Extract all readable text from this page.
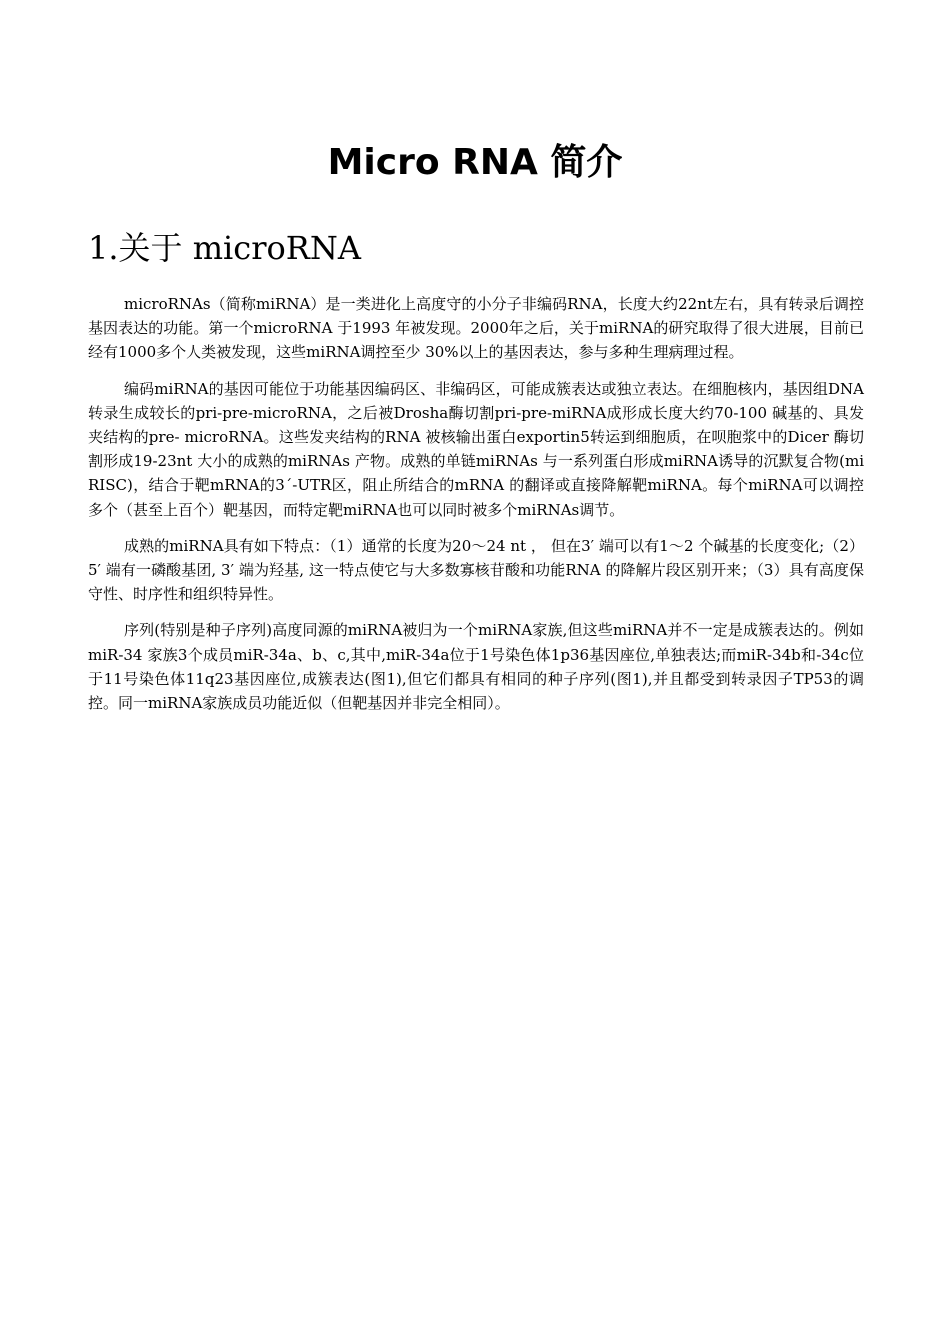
Micro RNA 简介
1.关于 microRNA

microRNAs（简称miRNA）是一类进化上高度守的小分子非编码RNA，长度大约22nt左右，具有转录后调控基因表达的功能。第一个microRNA 于1993 年被发现。2000年之后，关于miRNA的研究取得了很大进展，目前已经有1000多个人类被发现，这些miRNA调控至少 30%以上的基因表达，参与多种生理病理过程。

编码miRNA的基因可能位于功能基因编码区、非编码区，可能成簇表达或独立表达。在细胞核内，基因组DNA 转录生成较长的pri-pre-microRNA，之后被Drosha酶切割pri-pre-miRNA成形成长度大约70-100 碱基的、具发夹结构的pre- microRNA。这些发夹结构的RNA 被核输出蛋白exportin5转运到细胞质，在呗胞浆中的Dicer 酶切割形成19-23nt 大小的成熟的miRNAs 产物。成熟的单链miRNAs 与一系列蛋白形成miRNA诱导的沉默复合物(miRISC)，结合于靶mRNA的3´-UTR区，阻止所结合的mRNA 的翻译或直接降解靶miRNA。每个miRNA可以调控多个（甚至上百个）靶基因，而特定靶miRNA也可以同时被多个miRNAs调节。

成熟的miRNA具有如下特点：（1）通常的长度为20～24 nt ， 但在3′ 端可以有1～2 个碱基的长度变化;（2）5′ 端有一磷酸基团, 3′ 端为羟基, 这一特点使它与大多数寡核苷酸和功能RNA 的降解片段区别开来；（3）具有高度保守性、时序性和组织特异性。

序列(特别是种子序列)高度同源的miRNA被归为一个miRNA家族,但这些miRNA并不一定是成簇表达的。例如miR-34 家族3个成员miR-34a、b、c,其中,miR-34a位于1号染色体1p36基因座位,单独表达;而miR-34b和-34c位于11号染色体11q23基因座位,成簇表达(图1),但它们都具有相同的种子序列(图1),并且都受到转录因子TP53的调控。同一miRNA家族成员功能近似（但靶基因并非完全相同）。
